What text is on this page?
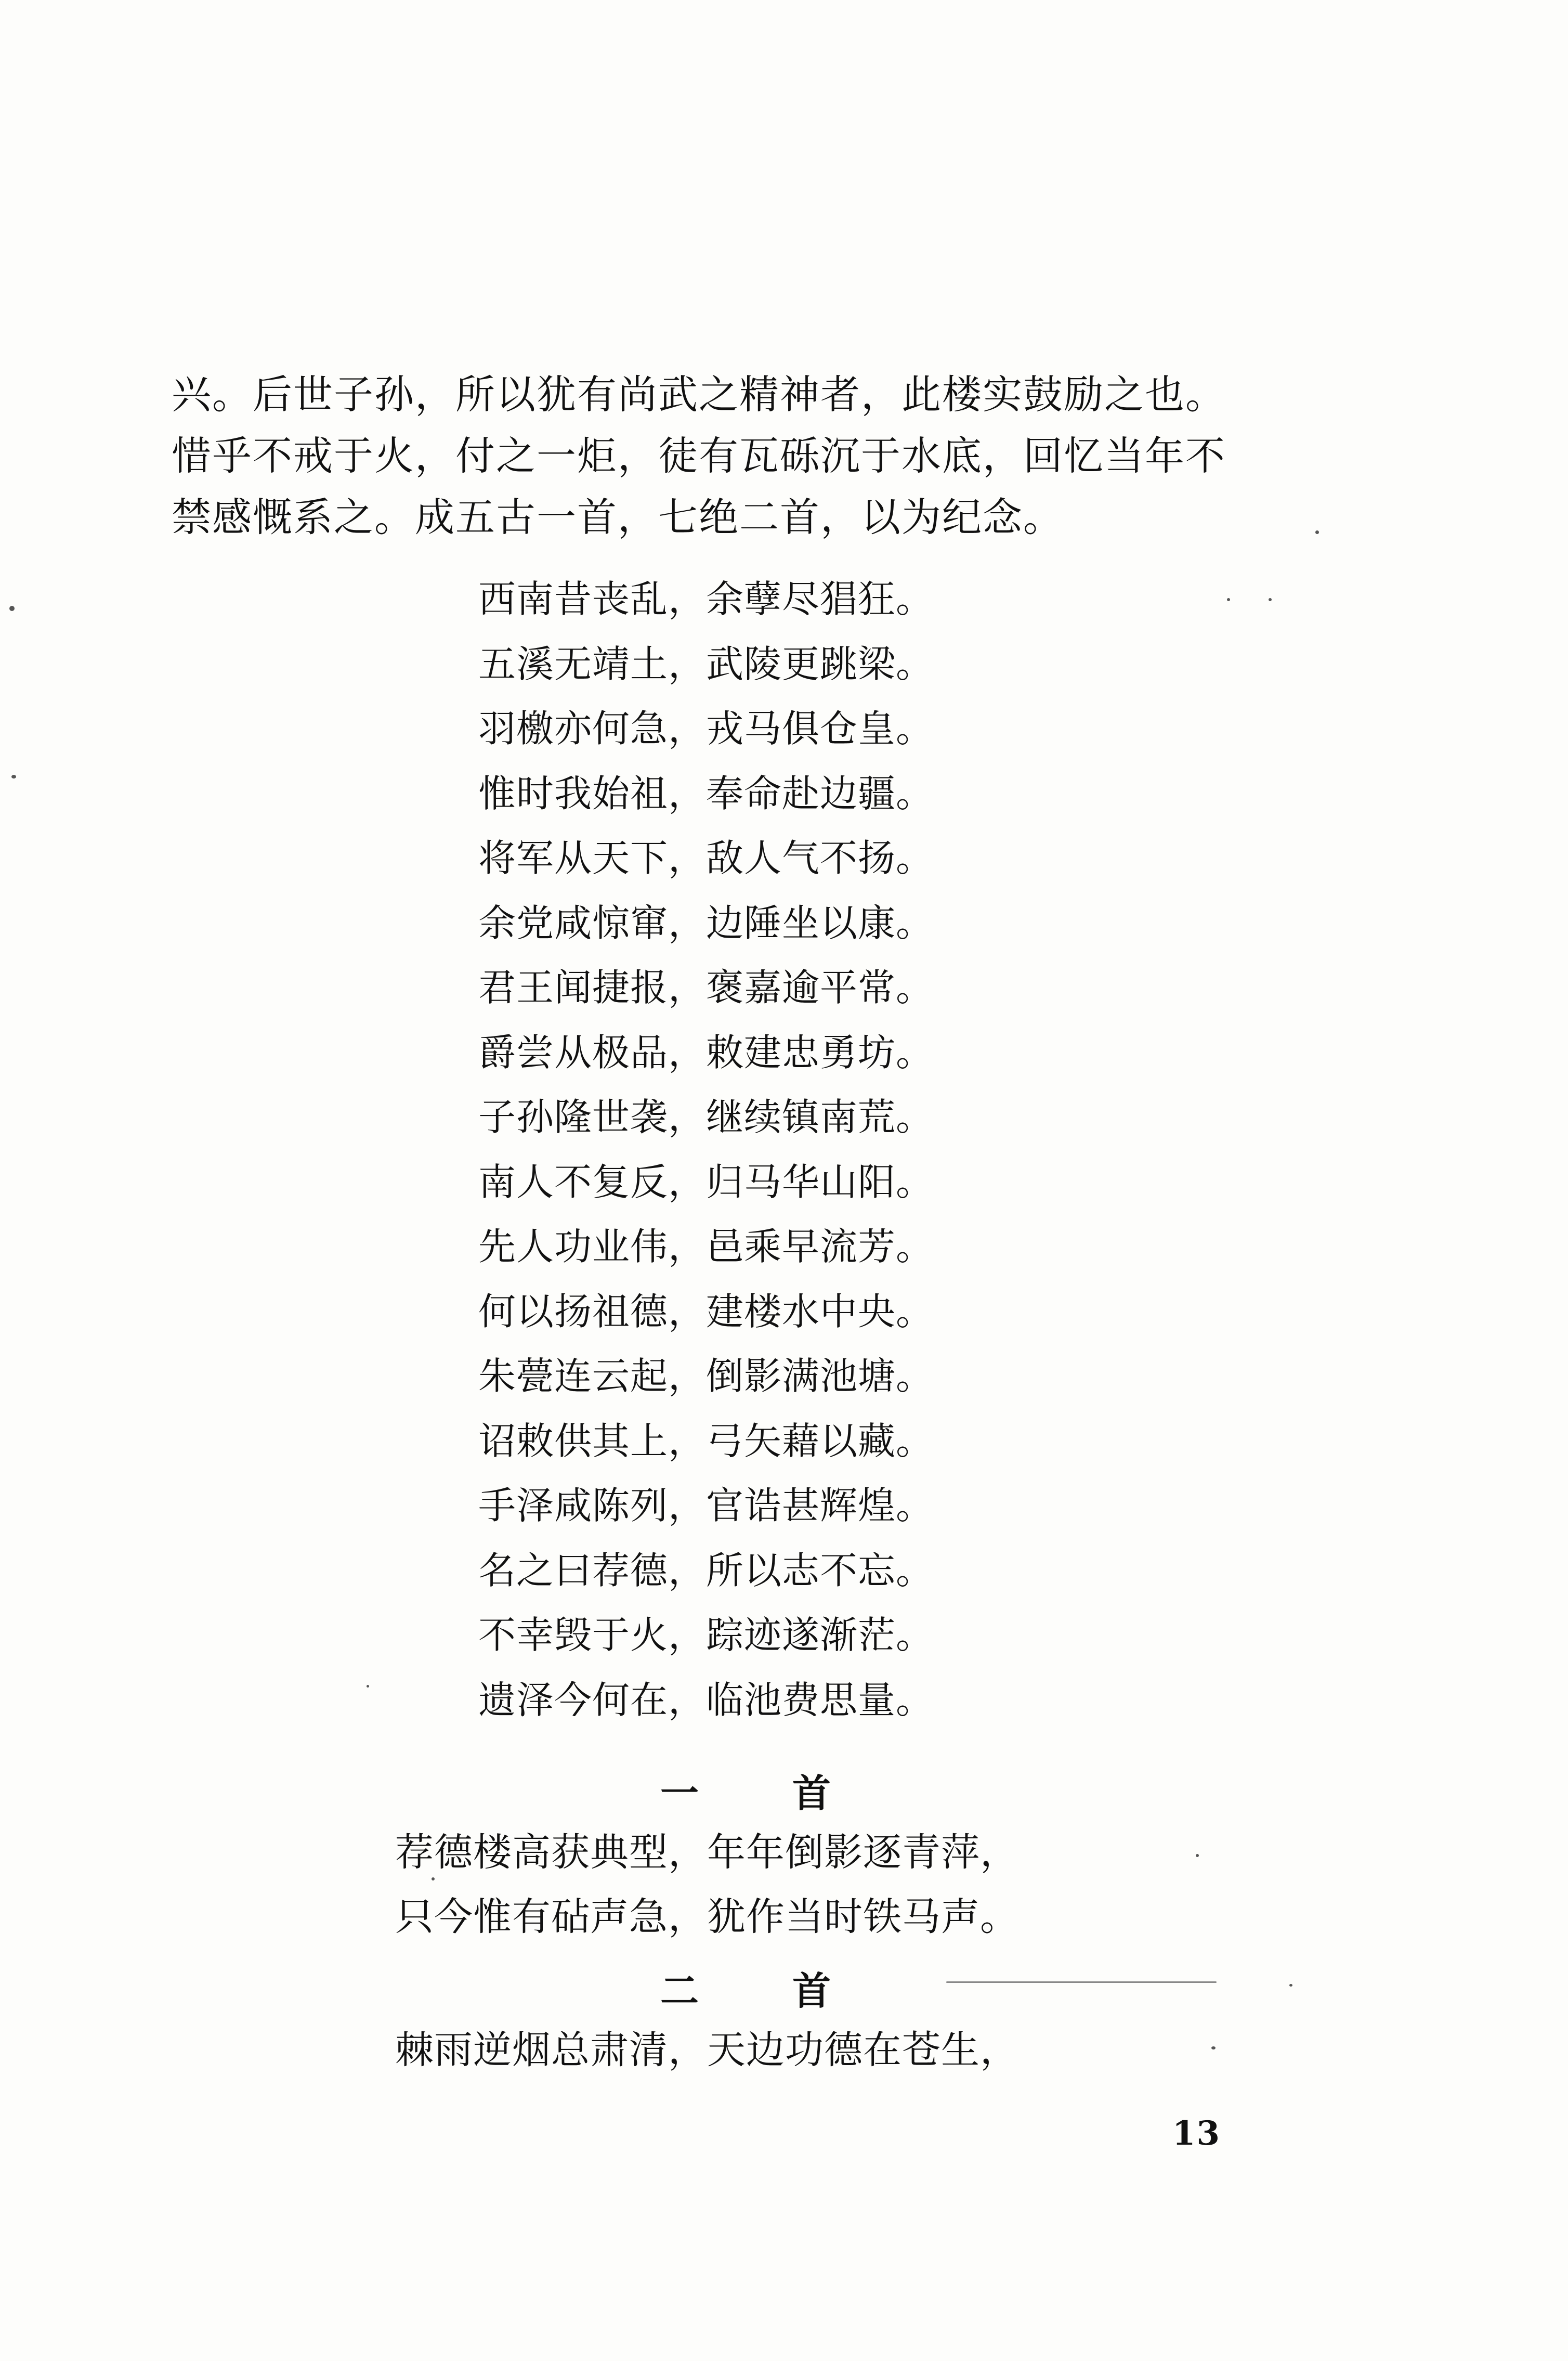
兴。后世子孙，所以犹有尚武之精神者，此楼实鼓励之也。
惜乎不戒于火，付之一炬，徒有瓦砾沉于水底，回忆当年不
禁感慨系之。成五古一首，七绝二首，以为纪念。
西南昔丧乱，余孽尽猖狂。
五溪无靖土，武陵更跳梁。
羽檄亦何急，戎马俱仓皇。
惟时我始祖，奉命赴边疆。
将军从天下，敌人气不扬。
余党咸惊窜，边陲坐以康。
君王闻捷报，褒嘉逾平常。
爵尝从极品，敕建忠勇坊。
子孙隆世袭，继续镇南荒。
南人不复反，归马华山阳。
先人功业伟，邑乘早流芳。
何以扬祖德，建楼水中央。
朱甍连云起，倒影满池塘。
诏敕供其上，弓矢藉以藏。
手泽咸陈列，官诰甚辉煌。
名之曰荐德，所以志不忘。
不幸毁于火，踪迹遂渐茫。
遗泽今何在，临池费思量。
一首
荐德楼高获典型，年年倒影逐青萍，
只今惟有砧声急，犹作当时铁马声。
二首
棘雨逆烟总肃清，天边功德在苍生，
13
